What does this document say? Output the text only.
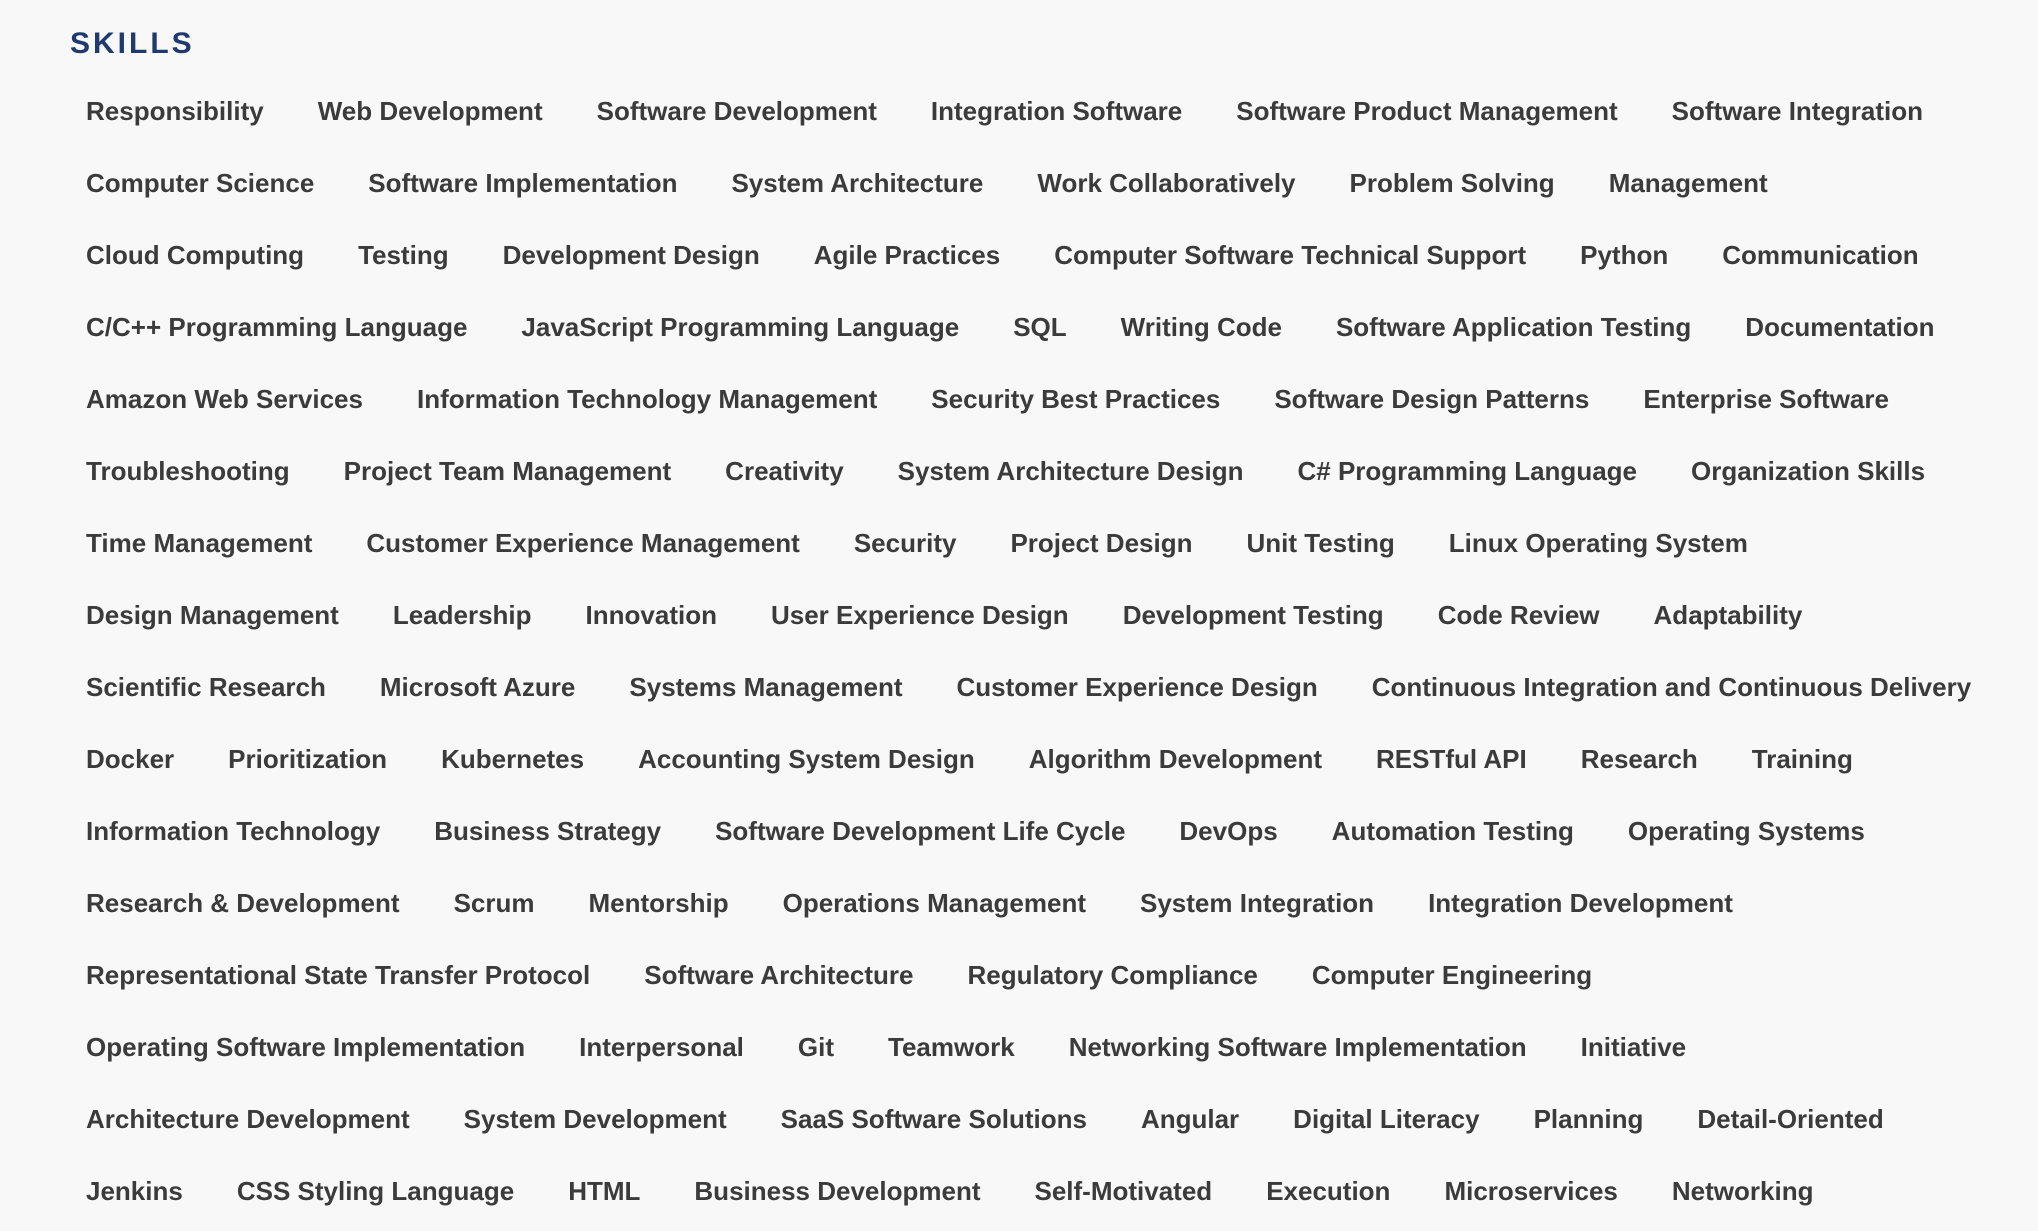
SKILLS
Responsibility	Web Development	Software Development	Integration Software	Software Product Management	Software Integration
Computer Science	Software Implementation	System Architecture	Work Collaboratively	Problem Solving	Management
Cloud Computing	Testing	Development Design	Agile Practices	Computer Software Technical Support	Python	Communication
C/C++ Programming Language	JavaScript Programming Language	SQL	Writing Code	Software Application Testing	Documentation
Amazon Web Services	Information Technology Management	Security Best Practices	Software Design Patterns	Enterprise Software
Troubleshooting	Project Team Management	Creativity	System Architecture Design	C# Programming Language	Organization Skills
Time Management	Customer Experience Management	Security	Project Design	Unit Testing	Linux Operating System
Design Management	Leadership	Innovation	User Experience Design	Development Testing	Code Review	Adaptability
Scientific Research	Microsoft Azure	Systems Management	Customer Experience Design	Continuous Integration and Continuous Delivery
Docker	Prioritization	Kubernetes	Accounting System Design	Algorithm Development	RESTful API	Research	Training
Information Technology	Business Strategy	Software Development Life Cycle	DevOps	Automation Testing	Operating Systems
Research & Development	Scrum	Mentorship	Operations Management	System Integration	Integration Development
Representational State Transfer Protocol	Software Architecture	Regulatory Compliance	Computer Engineering
Operating Software Implementation	Interpersonal	Git	Teamwork	Networking Software Implementation	Initiative
Architecture Development	System Development	SaaS Software Solutions	Angular	Digital Literacy	Planning	Detail-Oriented
Jenkins	CSS Styling Language	HTML	Business Development	Self-Motivated	Execution	Microservices	Networking
